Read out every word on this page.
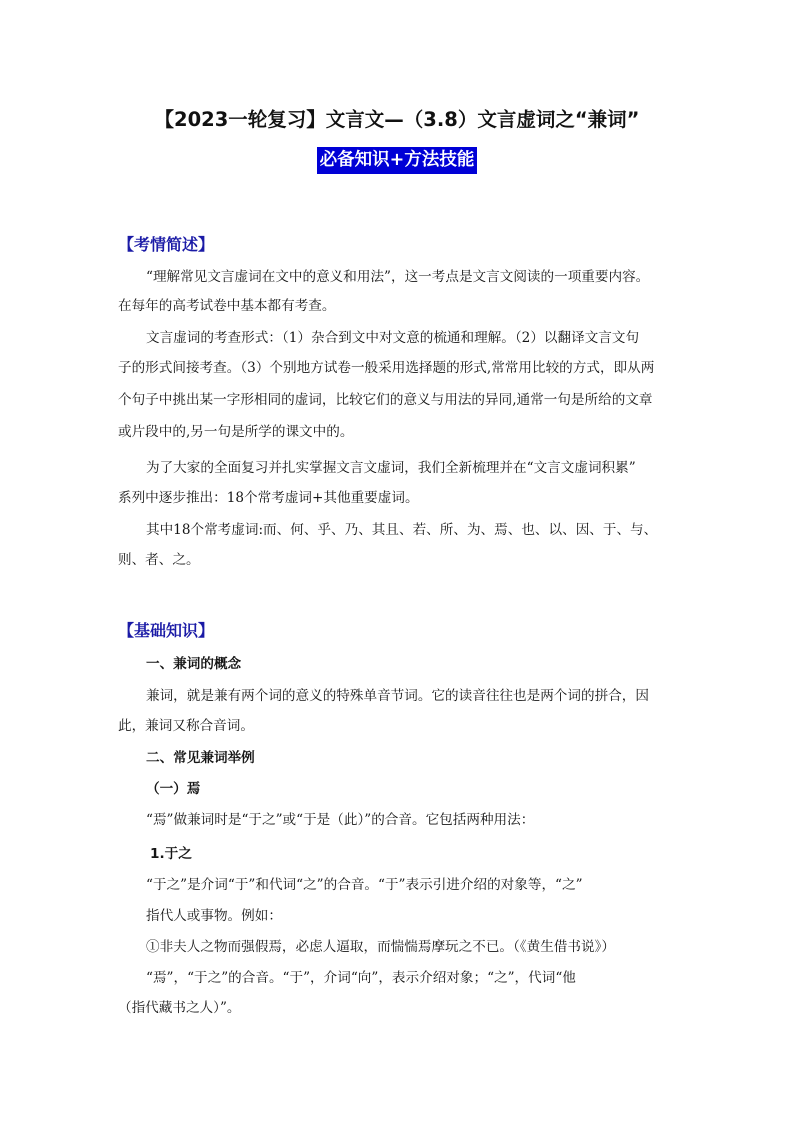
【2023一轮复习】文言文—（3.8）文言虚词之“兼词”
必备知识+方法技能
【考情简述】
“理解常见文言虚词在文中的意义和用法”，这一考点是文言文阅读的一项重要内容。
在每年的高考试卷中基本都有考查。
文言虚词的考查形式：（1）杂合到文中对文意的梳通和理解。（2）以翻译文言文句
子的形式间接考查。（3）个别地方试卷一般采用选择题的形式,常常用比较的方式，即从两
个句子中挑出某一字形相同的虚词，比较它们的意义与用法的异同,通常一句是所给的文章
或片段中的,另一句是所学的课文中的。
为了大家的全面复习并扎实掌握文言文虚词，我们全新梳理并在“文言文虚词积累”
系列中逐步推出：18个常考虚词+其他重要虚词。
其中18个常考虚词:而、何、乎、乃、其且、若、所、为、焉、也、以、因、于、与、
则、者、之。
【基础知识】
一、兼词的概念
兼词，就是兼有两个词的意义的特殊单音节词。它的读音往往也是两个词的拼合，因
此，兼词又称合音词。
二、常见兼词举例
（一）焉
“焉”做兼词时是“于之”或“于是（此）”的合音。它包括两种用法：
1.于之
“于之”是介词“于”和代词“之”的合音。“于”表示引进介绍的对象等，“之”
指代人或事物。例如：
①非夫人之物而强假焉，必虑人逼取，而惴惴焉摩玩之不已。（《黄生借书说》）
“焉”，“于之”的合音。“于”，介词“向”，表示介绍对象；“之”，代词“他
（指代藏书之人）”。
